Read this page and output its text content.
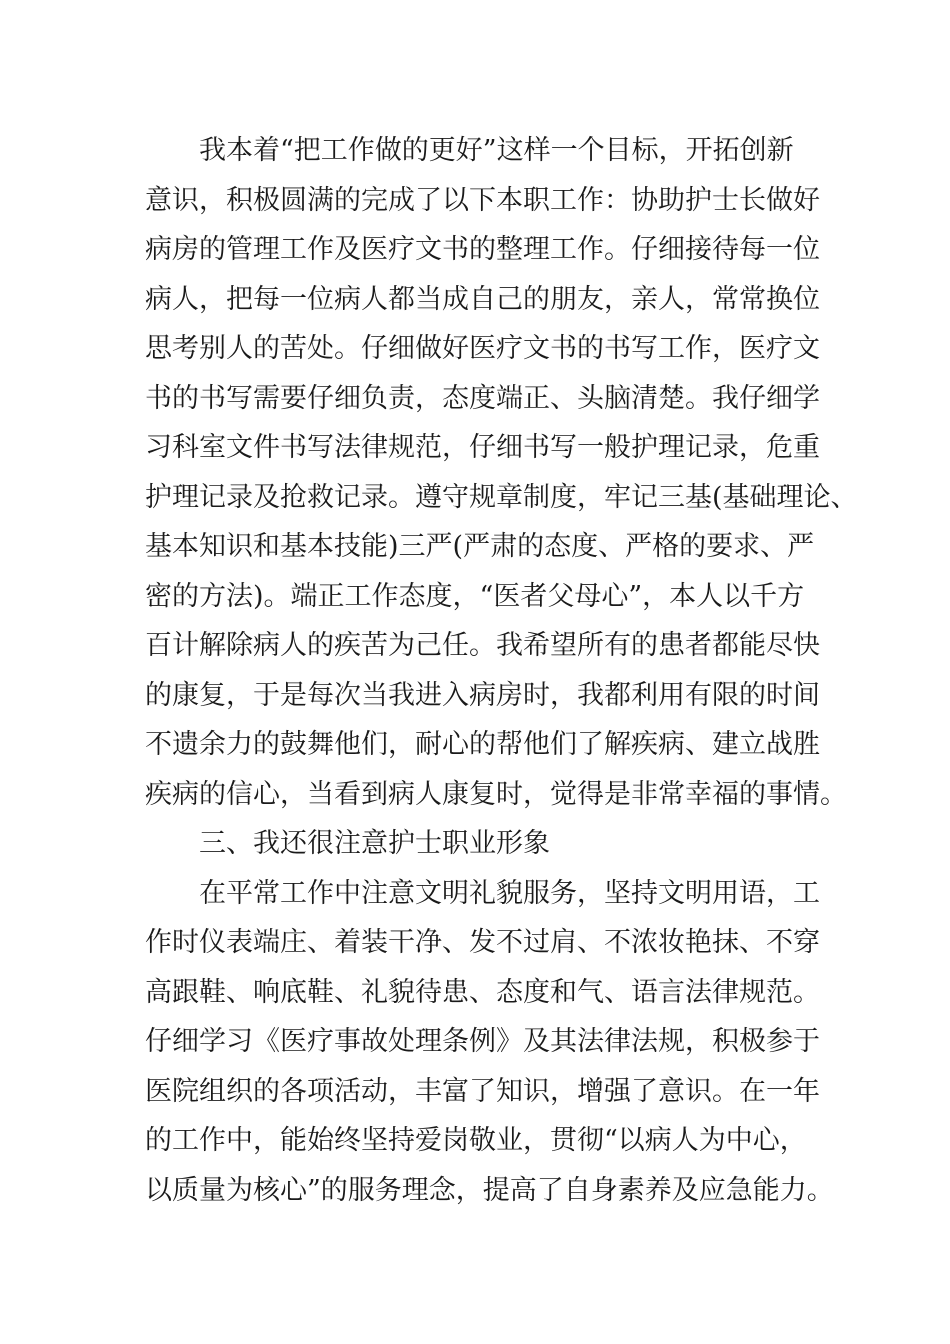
我本着“把工作做的更好”这样一个目标，开拓创新
意识，积极圆满的完成了以下本职工作：协助护士长做好
病房的管理工作及医疗文书的整理工作。仔细接待每一位
病人，把每一位病人都当成自己的朋友，亲人，常常换位
思考别人的苦处。仔细做好医疗文书的书写工作，医疗文
书的书写需要仔细负责，态度端正、头脑清楚。我仔细学
习科室文件书写法律规范，仔细书写一般护理记录，危重
护理记录及抢救记录。遵守规章制度，牢记三基(基础理论、
基本知识和基本技能)三严(严肃的态度、严格的要求、严
密的方法)。端正工作态度，“医者父母心”，本人以千方
百计解除病人的疾苦为己任。我希望所有的患者都能尽快
的康复，于是每次当我进入病房时，我都利用有限的时间
不遗余力的鼓舞他们，耐心的帮他们了解疾病、建立战胜
疾病的信心，当看到病人康复时，觉得是非常幸福的事情。
三、我还很注意护士职业形象
在平常工作中注意文明礼貌服务，坚持文明用语，工
作时仪表端庄、着装干净、发不过肩、不浓妆艳抹、不穿
高跟鞋、响底鞋、礼貌待患、态度和气、语言法律规范。
仔细学习《医疗事故处理条例》及其法律法规，积极参于
医院组织的各项活动，丰富了知识，增强了意识。在一年
的工作中，能始终坚持爱岗敬业，贯彻“以病人为中心，
以质量为核心”的服务理念，提高了自身素养及应急能力。
